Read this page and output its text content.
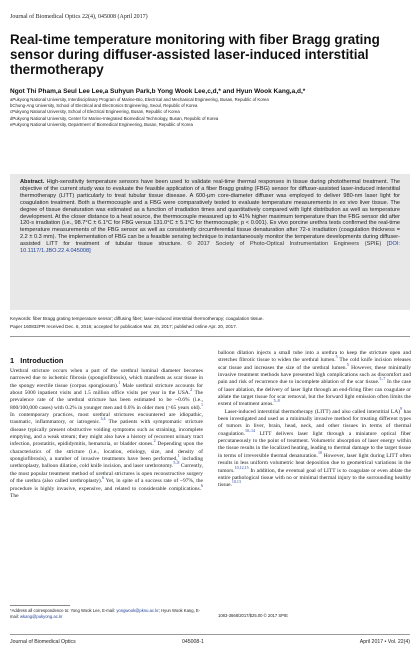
Journal of Biomedical Optics 22(4), 045008 (April 2017)
Real-time temperature monitoring with fiber Bragg grating sensor during diffuser-assisted laser-induced interstitial thermotherapy
Ngot Thi Pham,a Seul Lee Lee,a Suhyun Park,b Yong Wook Lee,c,d,* and Hyun Wook Kang,a,d,*
aPukyong National University, Interdisciplinary Program of Marine-Bio, Electrical and Mechanical Engineering, Busan, Republic of Korea
bChung-Ang University, School of Electrical and Electronics Engineering, Seoul, Republic of Korea
cPukyong National University, School of Electrical Engineering, Busan, Republic of Korea
dPukyong National University, Center for Marine-Integrated Biomedical Technology, Busan, Republic of Korea
ePukyong National University, Department of Biomedical Engineering, Busan, Republic of Korea

Abstract. High-sensitivity temperature sensors have been used to validate real-time thermal responses in tissue during photothermal treatment. The objective of the current study was to evaluate the feasible application of a fiber Bragg grating (FBG) sensor for diffuser-assisted laser-induced interstitial thermotherapy (LITT) particularly to treat tubular tissue disease. A 600-μm core-diameter diffuser was employed to deliver 980-nm laser light for coagulation treatment. Both a thermocouple and a FBG were comparatively tested to evaluate temperature measurements in ex vivo liver tissue. The degree of tissue denaturation was estimated as a function of irradiation times and quantitatively compared with light distribution as well as temperature development. At the closer distance to a heat source, the thermocouple measured up to 41% higher maximum temperature than the FBG sensor did after 120-s irradiation (i.e., 98.7°C ± 6.1°C for FBG versus 131.0°C ± 5.1°C for thermocouple; p < 0.001). Ex vivo porcine urethra tests confirmed the real-time temperature measurements of the FBG sensor as well as consistently circumferential tissue denaturation after 72-s irradiation (coagulation thickness = 2.2 ± 0.3 mm). The implementation of FBG can be a feasible sensing technique to instantaneously monitor the temperature developments during diffuser-assisted LITT for treatment of tubular tissue structure. © 2017 Society of Photo-Optical Instrumentation Engineers (SPIE) [DOI: 10.1117/1.JBO.22.4.045008]

Keywords: fiber Bragg grating temperature sensor; diffusing fiber; laser-induced interstitial thermotherapy; coagulation tissue.
Paper 160832PR received Dec. 6, 2016; accepted for publication Mar. 28, 2017; published online Apr. 20, 2017.
1 Introduction

Urethral stricture occurs when a part of the urethral luminal diameter becomes narrowed due to ischemic fibrosis (spongiofibrosis), which manifests as scar tissue in the spongy erectile tissue (corpus spongiosum).$^1$ Male urethral stricture accounts for about 5000 inpatient visits and 1.5 million office visits per year in the USA.$^2$ The prevalence rate of the urethral stricture has been estimated to be ~0.6% (i.e., 800/100,000 cases) with 0.2% in younger men and 0.6% in older men (>65 years old).$^1$ In contemporary practices, most urethral strictures encountered are idiopathic, traumatic, inflammatory, or iatrogenic.$^{3,4}$ The patients with symptomatic stricture disease typically present obstructive voiding symptoms such as straining, incomplete emptying, and a weak stream; they might also have a history of recurrent urinary tract infection, prostatitis, epididymitis, hematuria, or bladder stones.$^2$ Depending upon the characteristics of the stricture (i.e., location, etiology, size, and density of spongiofibrosis), a number of invasive treatments have been performed,$^1$ including urethroplasty, balloon dilation, cold knife incision, and laser urethrotomy.$^{5-8}$ Currently, the most popular treatment method of urethral strictures is open reconstructive surgery of the urethra (also called urethroplasty).$^6$ Yet, in spite of a success rate of ~97%, the procedure is highly invasive, expensive, and related to considerable complications.$^6$ The

balloon dilation injects a small tube into a urethra to keep the stricture open and stretches fibrotic tissue to widen the urethral lumen.$^5$ The cold knife incision releases scar tissue and increases the size of the urethral lumen.$^5$ However, these minimally invasive treatment methods have presented high complications such as discomfort and pain and risk of recurrence due to incomplete ablation of the scar tissue.$^{5-7}$ In the case of laser ablation, the delivery of laser light through an end-firing fiber can coagulate or ablate the target tissue for scar removal, but the forward light emission often limits the extent of treatment areas.$^{5-8}$
Laser-induced interstitial thermotherapy (LITT) and also called interstitial LA)$^9$ has been investigated and used as a minimally invasive method for treating different types of tumors in liver, brain, head, neck, and other tissues in terms of thermal coagulation.$^{10-14}$ LITT delivers laser light through a miniature optical fiber percutaneously to the point of treatment. Volumetric absorption of laser energy within the tissue results in the localized heating, leading to thermal damage to the target tissue in terms of irreversible thermal denaturation.$^{10}$ However, laser light during LITT often results in less uniform volumetric heat deposition due to geometrical variations in the tumors.$^{10,12,15}$ In addition, the eventual goal of LITT is to coagulate or even ablate the entire pathological tissue with no or minimal thermal injury to the surrounding healthy tissue.$^{10,13}$

*Address all correspondence to: Yong Wook Lee, E-mail: yongwook@pknu.ac.kr; Hyun Wook Kang, E-mail: wkang@pukyong.ac.kr	1083-3668/2017/$25.00 © 2017 SPIE
Journal of Biomedical Optics	045008-1	April 2017 • Vol. 22(4)
